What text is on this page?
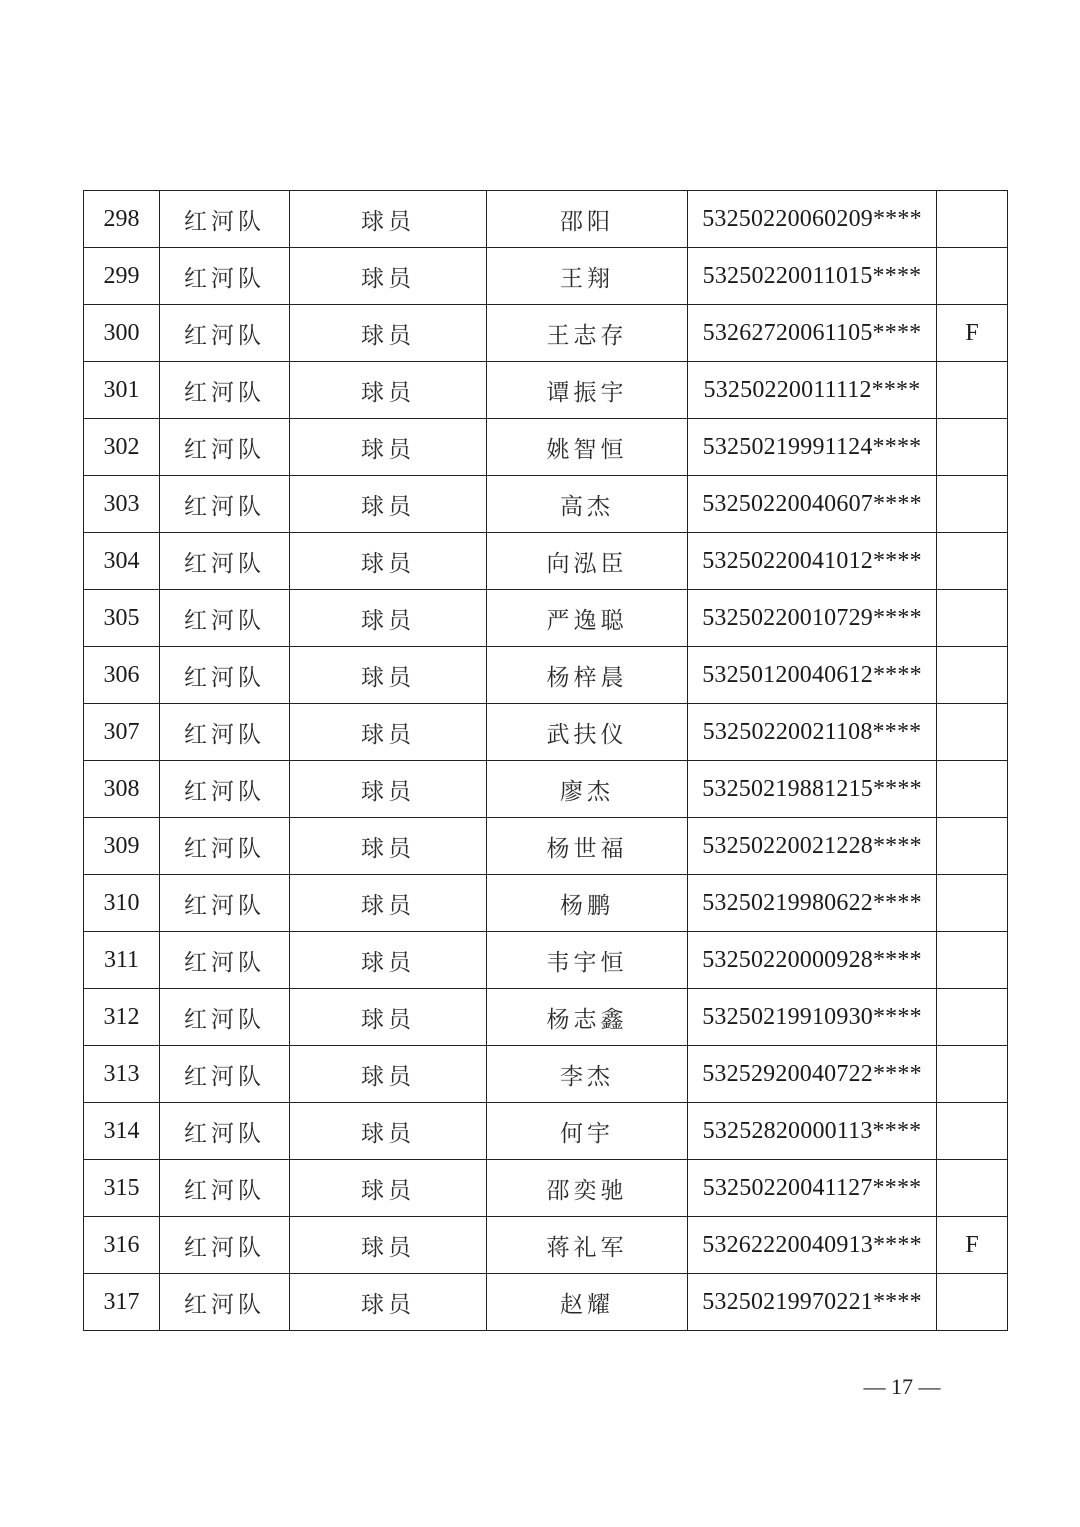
298	红河队	球员	邵阳	53250220060209****	
299	红河队	球员	王翔	53250220011015****	
300	红河队	球员	王志存	53262720061105****	F
301	红河队	球员	谭振宇	53250220011112****	
302	红河队	球员	姚智恒	53250219991124****	
303	红河队	球员	高杰	53250220040607****	
304	红河队	球员	向泓臣	53250220041012****	
305	红河队	球员	严逸聪	53250220010729****	
306	红河队	球员	杨梓晨	53250120040612****	
307	红河队	球员	武扶仪	53250220021108****	
308	红河队	球员	廖杰	53250219881215****	
309	红河队	球员	杨世福	53250220021228****	
310	红河队	球员	杨鹏	53250219980622****	
311	红河队	球员	韦宇恒	53250220000928****	
312	红河队	球员	杨志鑫	53250219910930****	
313	红河队	球员	李杰	53252920040722****	
314	红河队	球员	何宇	53252820000113****	
315	红河队	球员	邵奕驰	53250220041127****	
316	红河队	球员	蒋礼军	53262220040913****	F
317	红河队	球员	赵耀	53250219970221****	
— 17 —
